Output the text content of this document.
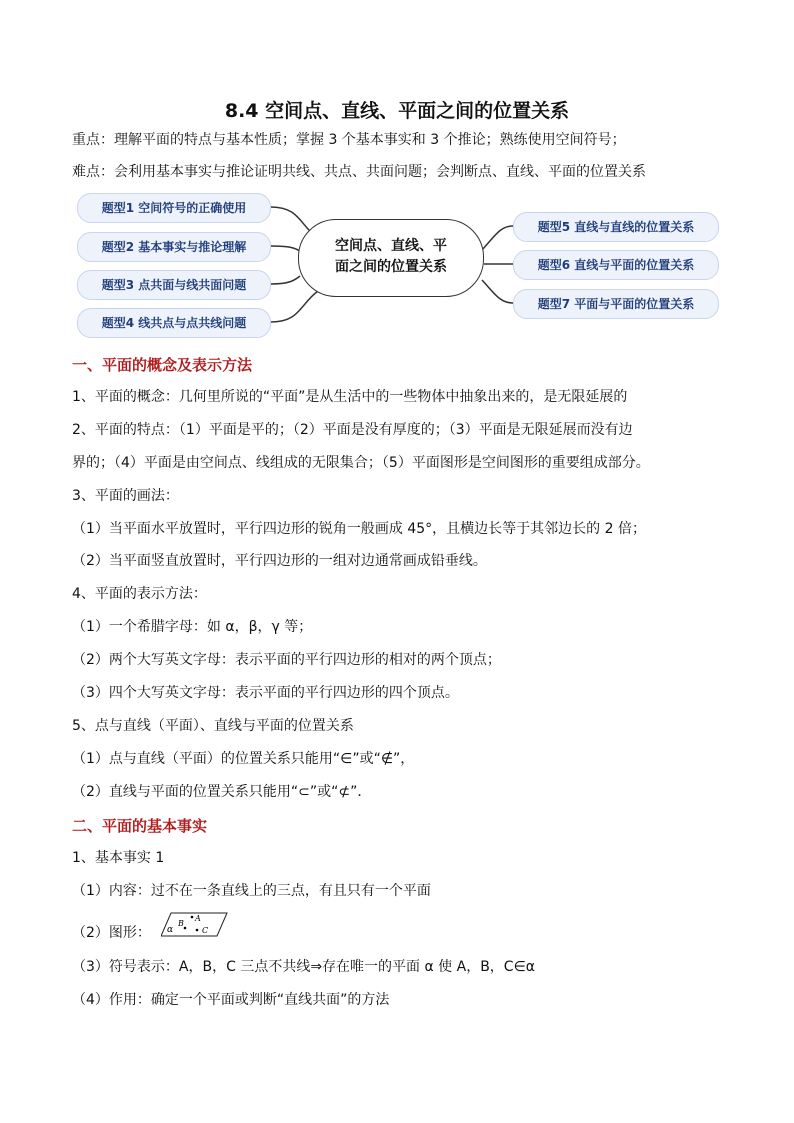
8.4 空间点、直线、平面之间的位置关系
重点：理解平面的特点与基本性质；掌握 3 个基本事实和 3 个推论；熟练使用空间符号；
难点：会利用基本事实与推论证明共线、共点、共面问题；会判断点、直线、平面的位置关系
题型1 空间符号的正确使用
题型2 基本事实与推论理解
题型3 点共面与线共面问题
题型4 线共点与点共线问题
空间点、直线、平
面之间的位置关系
题型5 直线与直线的位置关系
题型6 直线与平面的位置关系
题型7 平面与平面的位置关系
一、平面的概念及表示方法
1、平面的概念：几何里所说的“平面”是从生活中的一些物体中抽象出来的，是无限延展的
2、平面的特点：（1）平面是平的；（2）平面是没有厚度的；（3）平面是无限延展而没有边
界的；（4）平面是由空间点、线组成的无限集合；（5）平面图形是空间图形的重要组成部分。
3、平面的画法：
（1）当平面水平放置时，平行四边形的锐角一般画成 45°，且横边长等于其邻边长的 2 倍；
（2）当平面竖直放置时，平行四边形的一组对边通常画成铅垂线。
4、平面的表示方法：
（1）一个希腊字母：如 α，β，γ 等；
（2）两个大写英文字母：表示平面的平行四边形的相对的两个顶点；
（3）四个大写英文字母：表示平面的平行四边形的四个顶点。
5、点与直线（平面）、直线与平面的位置关系
（1）点与直线（平面）的位置关系只能用“∈”或“∉”，
（2）直线与平面的位置关系只能用“⊂”或“⊄”．
二、平面的基本事实
1、基本事实 1
（1）内容：过不在一条直线上的三点，有且只有一个平面
（2）图形： α
B
A
C
（3）符号表示：A，B，C 三点不共线⇒存在唯一的平面 α 使 A，B，C∈α
（4）作用：确定一个平面或判断“直线共面”的方法
